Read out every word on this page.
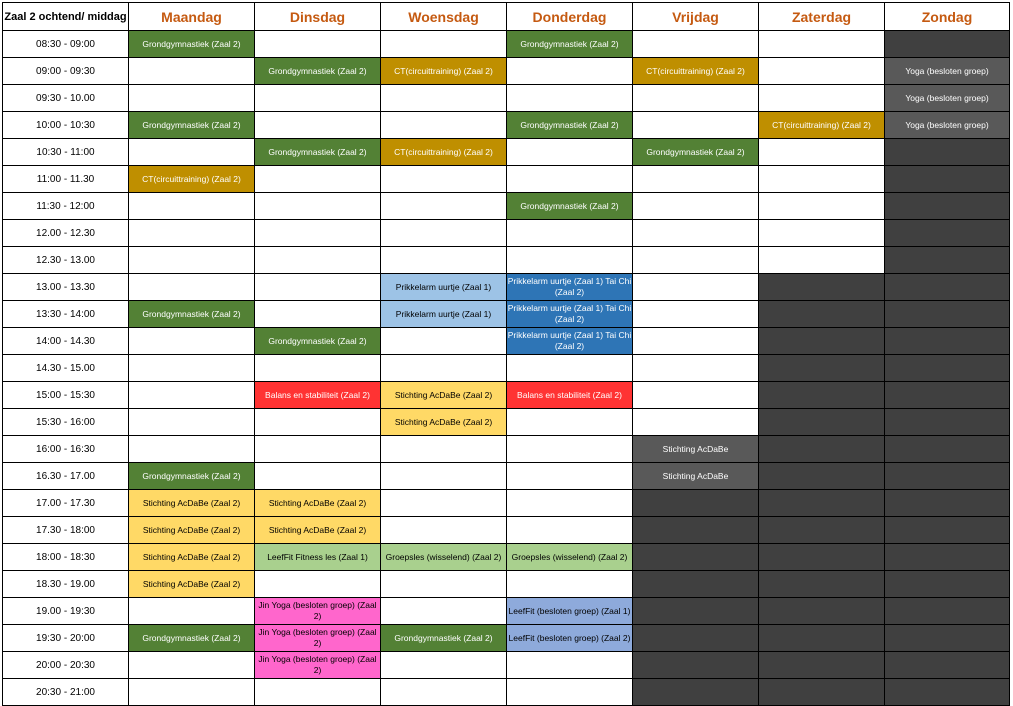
Zaal 2 ochtend/ middag	Maandag	Dinsdag	Woensdag	Donderdag	Vrijdag	Zaterdag	Zondag
08:30 - 09:00	Grondgymnastiek (Zaal 2)			Grondgymnastiek (Zaal 2)			
09:00 - 09:30		Grondgymnastiek (Zaal 2)	CT(circuittraining) (Zaal 2)		CT(circuittraining) (Zaal 2)		Yoga (besloten groep)
09:30 - 10.00							Yoga (besloten groep)
10:00 - 10:30	Grondgymnastiek (Zaal 2)			Grondgymnastiek (Zaal 2)		CT(circuittraining) (Zaal 2)	Yoga (besloten groep)
10:30 - 11:00		Grondgymnastiek (Zaal 2)	CT(circuittraining) (Zaal 2)		Grondgymnastiek (Zaal 2)		
11:00 - 11.30	CT(circuittraining) (Zaal 2)						
11:30 - 12:00				Grondgymnastiek (Zaal 2)			
12.00 - 12.30							
12.30 - 13.00							
13.00 - 13.30			Prikkelarm uurtje (Zaal 1)	Prikkelarm uurtje (Zaal 1) Tai Chi (Zaal 2)			
13:30 - 14:00	Grondgymnastiek (Zaal 2)		Prikkelarm uurtje (Zaal 1)	Prikkelarm uurtje (Zaal 1) Tai Chi (Zaal 2)			
14:00 - 14.30		Grondgymnastiek (Zaal 2)		Prikkelarm uurtje (Zaal 1) Tai Chi (Zaal 2)			
14.30 - 15.00							
15:00 - 15:30		Balans en stabiliteit (Zaal 2)	Stichting AcDaBe (Zaal 2)	Balans en stabiliteit (Zaal 2)			
15:30 - 16:00			Stichting AcDaBe (Zaal 2)				
16:00 - 16:30					Stichting AcDaBe		
16.30 - 17.00	Grondgymnastiek (Zaal 2)				Stichting AcDaBe		
17.00 - 17.30	Stichting AcDaBe (Zaal 2)	Stichting AcDaBe (Zaal 2)					
17.30 - 18:00	Stichting AcDaBe (Zaal 2)	Stichting AcDaBe (Zaal 2)					
18:00 - 18:30	Stichting AcDaBe (Zaal 2)	LeefFit Fitness les (Zaal 1)	Groepsles (wisselend) (Zaal 2)	Groepsles (wisselend) (Zaal 2)			
18.30 - 19.00	Stichting AcDaBe (Zaal 2)						
19.00 - 19:30		Jin Yoga (besloten groep) (Zaal 2)		LeefFit (besloten groep) (Zaal 1)			
19:30 - 20:00	Grondgymnastiek (Zaal 2)	Jin Yoga (besloten groep) (Zaal 2)	Grondgymnastiek (Zaal 2)	LeefFit (besloten groep) (Zaal 2)			
20:00 - 20:30		Jin Yoga (besloten groep) (Zaal 2)					
20:30 - 21:00							
